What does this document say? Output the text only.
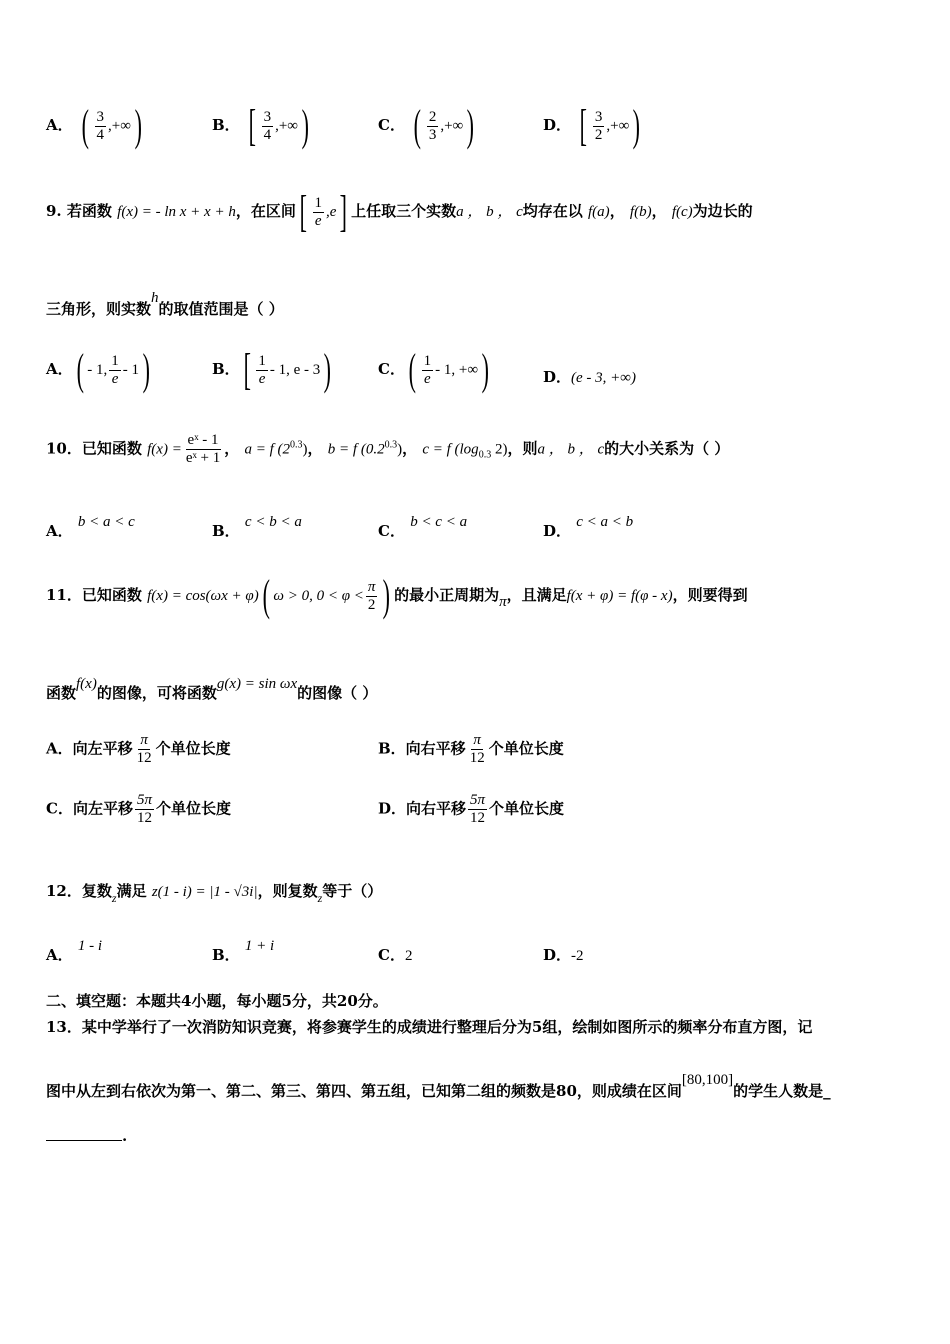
A． ( $\frac{3}{4}$ ,+∞)	B． [ $\frac{3}{4}$ ,+∞)	C． ( $\frac{2}{3}$ ,+∞)	D． [ $\frac{3}{2}$ ,+∞)
9. 若函数 f(x) = - ln x + x + h，在区间[ $\frac{1}{e} ,e$] 上任取三个实数a ， b ， c均存在以 f(a)， f(b)， f(c)为边长的
三角形，则实数h的取值范围是（ ）
A．( - 1, $\frac{1}{e} - 1$)	B．[ $\frac{1}{e} - 1$, e - 3)	C．( $\frac{1}{e} - 1$, +∞)	D．(e - 3, +∞)
10．已知函数 $f(x) = \frac{\text{eˣ - 1}}{\text{eˣ + 1}}$ ， a = f $(2^{0.3})$， b = f $(0.2^{0.3})$， c = f ($\log_{0.3}$ 2)，则a ， b ， c的大小关系为（ ）
A． b < a < c	B． c < b < a	C． b < c < a	D． c < a < b
11．已知函数 f(x) = cos(ωx + φ)( ω > 0, $0 < \varphi < \frac{\pi}{2}$ ) 的最小正周期为π，且满足f(x + φ) = f(φ - x)，则要得到
函数f(x)的图像，可将函数g(x) = sin ωx的图像（ ）
A．向左平移 $\frac{\pi}{12}$ 个单位长度	B．向右平移 $\frac{\pi}{12}$ 个单位长度
C．向左平移 $\frac{5\pi}{12}$ 个单位长度	D．向右平移 $\frac{5\pi}{12}$ 个单位长度
12．复数$_z$满足 z(1 - i) = |1 - √3i|，则复数$_z$等于（）
A． 1 - i	B． 1 + i	C．2	D．-2
二、填空题：本题共4小题，每小题5分，共20分。
13．某中学举行了一次消防知识竞赛，将参赛学生的成绩进行整理后分为5组，绘制如图所示的频率分布直方图，记
图中从左到右依次为第一、第二、第三、第四、第五组，已知第二组的频数是80，则成绩在区间[80,100]的学生人数是_
.
